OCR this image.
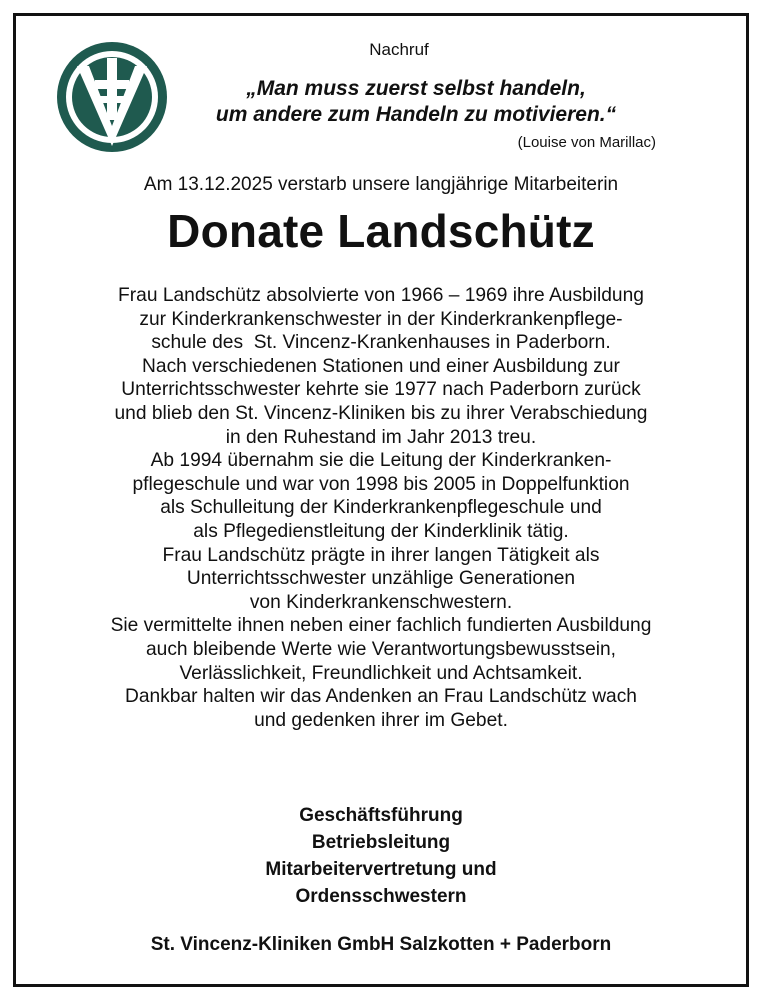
Nachruf
„Man muss zuerst selbst handeln,
um andere zum Handeln zu motivieren.“
(Louise von Marillac)
Am 13.12.2025 verstarb unsere langjährige Mitarbeiterin
Donate Landschütz
Frau Landschütz absolvierte von 1966 – 1969 ihre Ausbildung
zur Kinderkrankenschwester in der Kinderkrankenpflege-
schule des  St. Vincenz-Krankenhauses in Paderborn.
Nach verschiedenen Stationen und einer Ausbildung zur
Unterrichtsschwester kehrte sie 1977 nach Paderborn zurück
und blieb den St. Vincenz-Kliniken bis zu ihrer Verabschiedung
in den Ruhestand im Jahr 2013 treu.
Ab 1994 übernahm sie die Leitung der Kinderkranken-
pflegeschule und war von 1998 bis 2005 in Doppelfunktion
als Schulleitung der Kinderkrankenpflegeschule und
als Pflegedienstleitung der Kinderklinik tätig.
Frau Landschütz prägte in ihrer langen Tätigkeit als
Unterrichtsschwester unzählige Generationen
von Kinderkrankenschwestern.
Sie vermittelte ihnen neben einer fachlich fundierten Ausbildung
auch bleibende Werte wie Verantwortungsbewusstsein,
Verlässlichkeit, Freundlichkeit und Achtsamkeit.
Dankbar halten wir das Andenken an Frau Landschütz wach
und gedenken ihrer im Gebet.
Geschäftsführung
Betriebsleitung
Mitarbeitervertretung und
Ordensschwestern
St. Vincenz-Kliniken GmbH Salzkotten + Paderborn
